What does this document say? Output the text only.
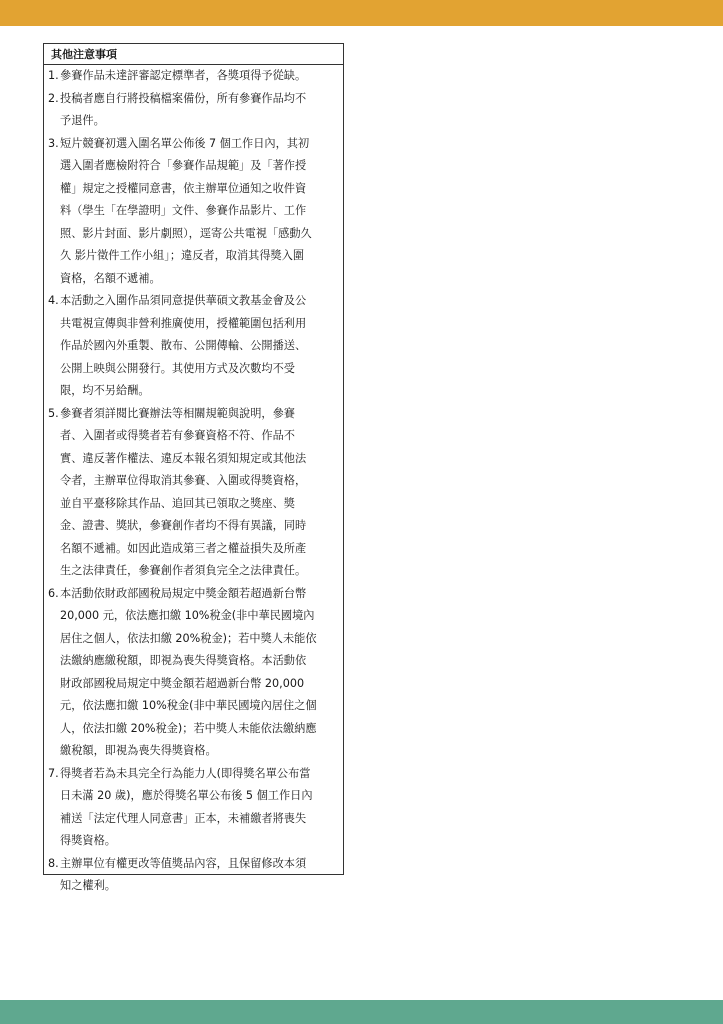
其他注意事項
1. 參賽作品未達評審認定標準者，各獎項得予從缺。
2. 投稿者應自行將投稿檔案備份，所有參賽作品均不
予退件。
3. 短片競賽初選入圍名單公佈後 7 個工作日內，其初
選入圍者應檢附符合「參賽作品規範」及「著作授
權」規定之授權同意書，依主辦單位通知之收件資
料（學生「在學證明」文件、參賽作品影片、工作
照、影片封面、影片劇照），逕寄公共電視「感動久
久 影片徵件工作小組」；違反者，取消其得獎入圍
資格，名額不遞補。
4. 本活動之入圍作品須同意提供華碩文教基金會及公
共電視宣傳與非營利推廣使用，授權範圍包括利用
作品於國內外重製、散布、公開傳輸、公開播送、
公開上映與公開發行。其使用方式及次數均不受
限，均不另給酬。
5. 參賽者須詳閱比賽辦法等相關規範與說明，參賽
者、入圍者或得獎者若有參賽資格不符、作品不
實、違反著作權法、違反本報名須知規定或其他法
令者，主辦單位得取消其參賽、入圍或得獎資格，
並自平臺移除其作品、追回其已領取之獎座、獎
金、證書、獎狀，參賽創作者均不得有異議，同時
名額不遞補。如因此造成第三者之權益損失及所產
生之法律責任，參賽創作者須負完全之法律責任。
6. 本活動依財政部國稅局規定中獎金額若超過新台幣
20,000 元，依法應扣繳 10%稅金(非中華民國境內
居住之個人，依法扣繳 20%稅金)；若中獎人未能依
法繳納應繳稅額，即視為喪失得獎資格。本活動依
財政部國稅局規定中獎金額若超過新台幣 20,000
元，依法應扣繳 10%稅金(非中華民國境內居住之個
人，依法扣繳 20%稅金)；若中獎人未能依法繳納應
繳稅額，即視為喪失得獎資格。
7. 得獎者若為未具完全行為能力人(即得獎名單公布當
日未滿 20 歲)，應於得獎名單公布後 5 個工作日內
補送「法定代理人同意書」正本，未補繳者將喪失
得獎資格。
8. 主辦單位有權更改等值獎品內容，且保留修改本須
知之權利。
